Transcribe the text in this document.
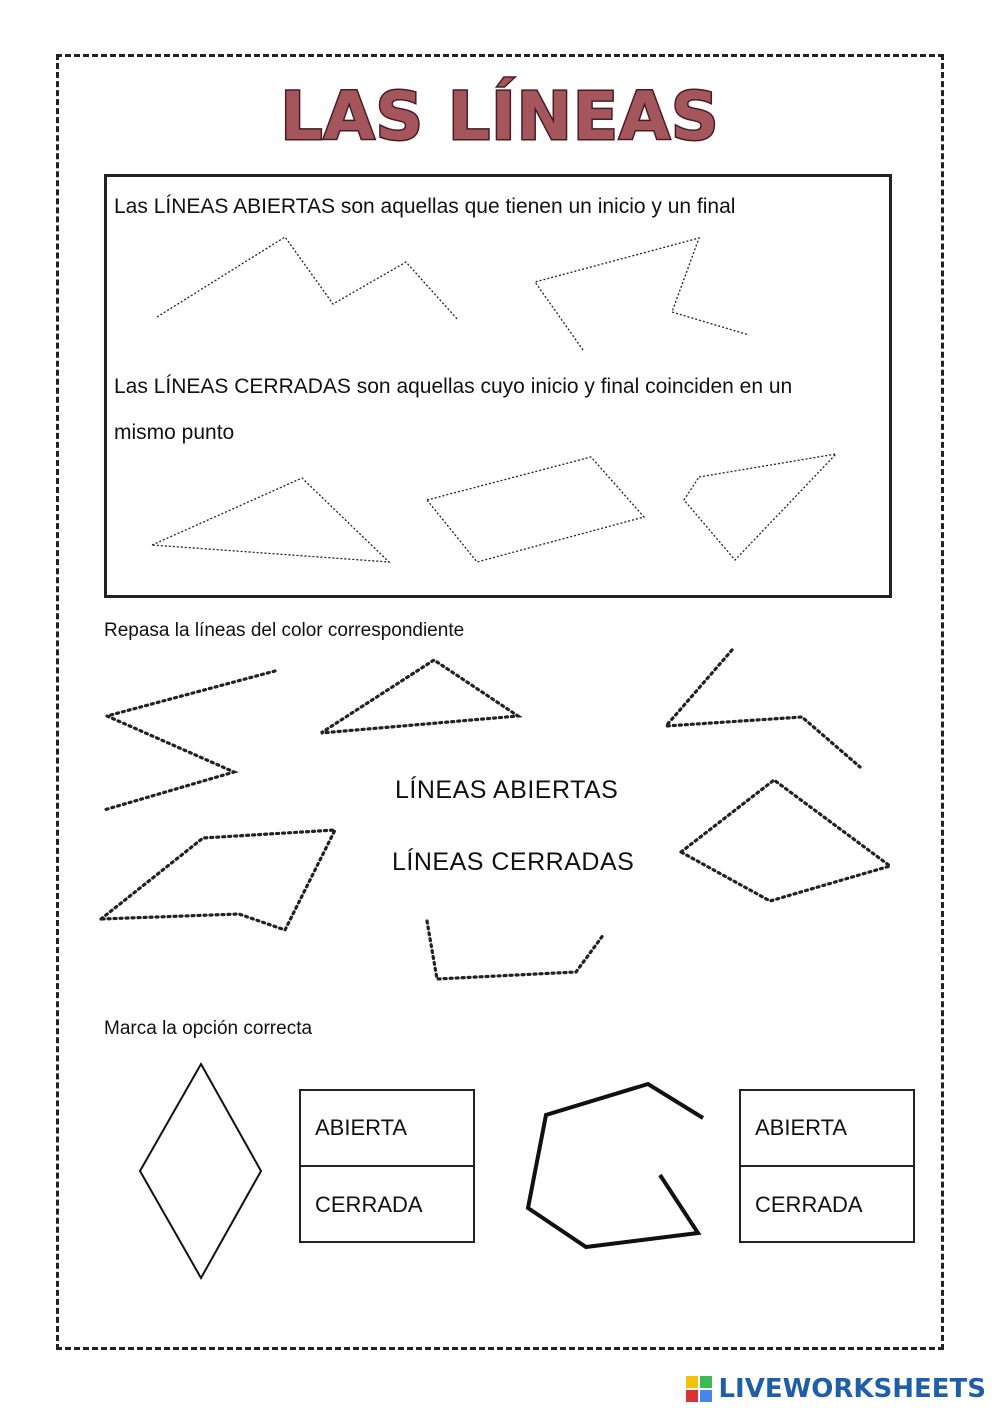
LAS LÍNEAS
Las LÍNEAS ABIERTAS son aquellas que tienen un inicio y un final
Las LÍNEAS CERRADAS son aquellas cuyo inicio y final coinciden en un
mismo punto
Repasa la líneas del color correspondiente
LÍNEAS ABIERTAS
LÍNEAS CERRADAS
Marca la opción correcta
ABIERTA
CERRADA
ABIERTA
CERRADA
LIVEWORKSHEETS
